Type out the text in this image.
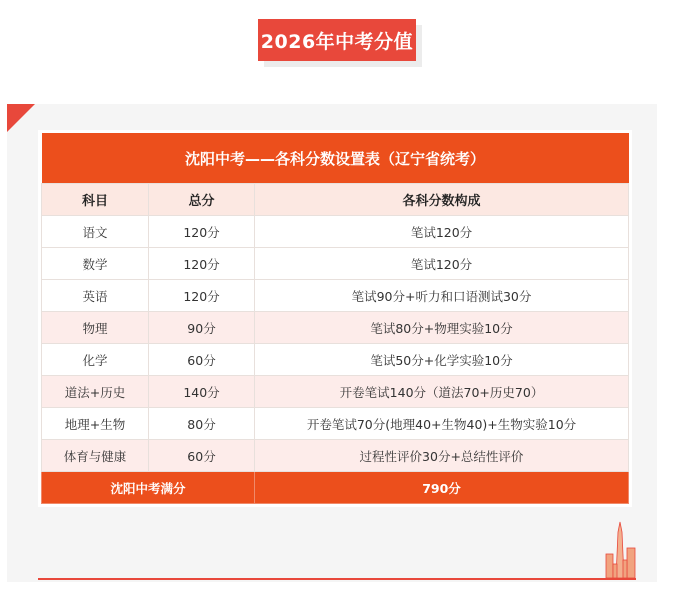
2026年中考分值
沈阳中考——各科分数设置表（辽宁省统考）		
科目	总分	各科分数构成
语文	120分	笔试120分
数学	120分	笔试120分
英语	120分	笔试90分+听力和口语测试30分
物理	90分	笔试80分+物理实验10分
化学	60分	笔试50分+化学实验10分
道法+历史	140分	开卷笔试140分（道法70+历史70）
地理+生物	80分	开卷笔试70分(地理40+生物40)+生物实验10分
体育与健康	60分	过程性评价30分+总结性评价
沈阳中考满分		790分
